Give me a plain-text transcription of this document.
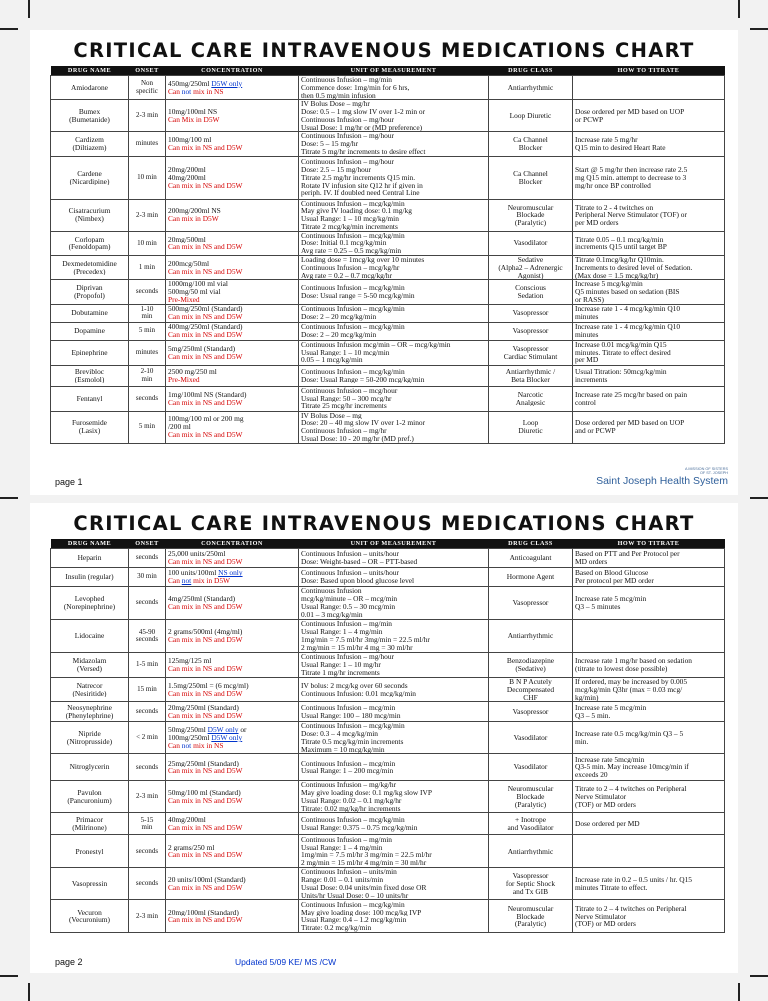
CRITICAL CARE INTRAVENOUS MEDICATIONS CHART
DRUG NAME	ONSET	CONCENTRATION	UNIT OF MEASUREMENT	DRUG CLASS	HOW TO TITRATE

Amiodarone	Non
specific	450mg/250ml D5W only
Can not mix in NS	Continuous Infusion – mg/min
Commence dose: 1mg/min for 6 hrs,
then 0.5 mg/min infusion	Antiarrhythmic	

Bumex
(Bumetanide)	2-3 min	10mg/100ml NS
Can Mix in D5W	IV Bolus Dose – mg/hr
Dose: 0.5 – 1 mg slow IV over 1-2 min or
Continuous Infusion – mg/hour
Usual Dose: 1 mg/hr or (MD preference)	Loop Diuretic	Dose ordered per MD based on UOP
or PCWP

Cardizem
(Diltiazem)	minutes	100mg/100 ml
Can mix in NS and D5W	Continuous Infusion – mg/hour
Dose: 5 – 15 mg/hr
Titrate 5 mg/hr increments to desire effect	Ca Channel
Blocker	Increase rate 5 mg/hr
Q15 min to desired Heart Rate

Cardene
(Nicardipine)	10 min	20mg/200ml
40mg/200ml
Can mix in NS and D5W	Continuous Infusion – mg/hour
Dose: 2.5 – 15 mg/hour
Titrate 2.5 mg/hr increments Q15 min.
Rotate IV infusion site Q12 hr if given in
periph. IV. If doubled need Central Line	Ca Channel
Blocker	Start @ 5 mg/hr then increase rate 2.5
mg Q15 min. attempt to decrease to 3
mg/hr once BP controlled

Cisatracurium
(Nimbex)	2-3 min	200mg/200ml NS
Can mix in D5W	Continuous Infusion – mcg/kg/min
May give IV loading dose: 0.1 mg/kg
Usual Range: 1 – 10 mcg/kg/min
Titrate 2 mcg/kg/min increments	Neuromuscular
Blockade
(Paralytic)	Titrate to 2 - 4 twitches on
Peripheral Nerve Stimulator (TOF) or
per MD orders

Corlopam
(Fenoldopam)	10 min	20mg/500ml
Can mix in NS and D5W	Continuous Infusion – mcg/kg/min
Dose: Initial 0.1 mcg/kg/min
Avg rate = 0.25 – 0.5 mcg/kg/min	Vasodilator	Titrate 0.05 – 0.1 mcg/kg/min
increments Q15 until target BP

Dexmedetomidine
(Precedex)	1 min	200mcg/50ml
Can mix in NS and D5W	Loading dose = 1mcg/kg over 10 minutes
Continuous Infusion – mcg/kg/hr
Avg rate = 0.2 – 0.7 mcg/kg/hr	Sedative
(Alpha2 – Adrenergic
Agonist)	Titrate 0.1mcg/kg/hr Q10min.
Increments to desired level of Sedation.
(Max dose = 1.5 mcg/kg/hr)

Diprivan
(Propofol)	seconds	1000mg/100 ml vial
500mg/50 ml vial
Pre-Mixed	Continuous Infusion – mcg/kg/min
Dose: Usual range = 5-50 mcg/kg/min	Conscious
Sedation	Increase 5 mcg/kg/min
Q5 minutes based on sedation (BIS
or RASS)

Dobutamine	1-10
min	500mg/250ml (Standard)
Can mix in NS and D5W	Continuous Infusion – mcg/kg/min
Dose: 2 – 20 mcg/kg/min	Vasopressor	Increase rate 1 - 4 mcg/kg/min Q10
minutes

Dopamine	5 min	400mg/250ml (Standard)
Can mix in NS and D5W	Continuous Infusion – mcg/kg/min
Dose: 2 – 20 mcg/kg/min	Vasopressor	Increase rate 1 - 4 mcg/kg/min Q10
minutes

Epinephrine	minutes	5mg/250ml (Standard)
Can mix in NS and D5W	Continuous Infusion mcg/min – OR – mcg/kg/min
Usual Range: 1 – 10 mcg/min
0.05 – 1 mcg/kg/min	Vasopressor
Cardiac Stimulant	Increase 0.01 mcg/kg/min Q15
minutes. Titrate to effect desired
per MD

Brevibloc
(Esmolol)	2-10
min	2500 mg/250 ml
Pre-Mixed	Continuous Infusion – mcg/kg/min
Dose: Usual Range = 50-200 mcg/kg/min	Antiarrhythmic /
Beta Blocker	Usual Titration: 50mcg/kg/min
increments

Fentanyl	seconds	1mg/100ml NS (Standard)
Can mix in NS and D5W	Continuous Infusion – mcg/hour
Usual Range: 50 – 300 mcg/hr
Titrate 25 mcg/hr increments	Narcotic
Analgesic	Increase rate 25 mcg/hr based on pain
control

Furosemide
(Lasix)	5 min	100mg/100 ml or 200 mg
/200 ml
Can mix in NS and D5W	IV Bolus Dose – mg
Dose: 20 – 40 mg slow IV over 1-2 minor
Continuous Infusion – mg/hr
Usual Dose: 10 - 20 mg/hr (MD pref.)	Loop
Diuretic	Dose ordered per MD based on UOP
and or PCWP
page 1
A MISSION OF SISTERS
OF ST. JOSEPH
Saint Joseph Health System
CRITICAL CARE INTRAVENOUS MEDICATIONS CHART
DRUG NAME	ONSET	CONCENTRATION	UNIT OF MEASUREMENT	DRUG CLASS	HOW TO TITRATE

Heparin	seconds	25,000 units/250ml
Can mix in NS and D5W	Continuous Infusion – units/hour
Dose: Weight-based – OR – PTT-based	Anticoagulant	Based on PTT and Per Protocol per
MD orders

Insulin (regular)	30 min	100 units/100ml NS only
Can not mix in D5W	Continuous Infusion – units/hour
Dose: Based upon blood glucose level	Hormone Agent	Based on Blood Glucose
Per protocol per MD order

Levophed
(Norepinephrine)	seconds	4mg/250ml (Standard)
Can mix in NS and D5W	Continuous Infusion
mcg/kg/minute – OR – mcg/min
Usual Range: 0.5 – 30 mcg/min
0.01 – 3 mcg/kg/min	Vasopressor	Increase rate 5 mcg/min
Q3 – 5 minutes

Lidocaine	45-90
seconds	2 grams/500ml (4mg/ml)
Can mix in NS and D5W	Continuous Infusion – mg/min
Usual Range: 1 – 4 mg/min
1mg/min = 7.5 ml/hr 3mg/min = 22.5 ml/hr
2 mg/min = 15 ml/hr 4 mg = 30 ml/hr	Antiarrhythmic	

Midazolam
(Versed)	1-5 min	125mg/125 ml
Can mix in NS and D5W	Continuous Infusion – mg/hour
Usual Range: 1 – 10 mg/hr
Titrate 1 mg/hr increments	Benzodiazepine
(Sedative)	Increase rate 1 mg/hr based on sedation
(titrate to lowest dose possible)

Natrecor
(Nesiritide)	15 min	1.5mg/250ml = (6 mcg/ml)
Can mix in NS and D5W	IV bolus: 2 mcg/kg over 60 seconds
Continuous Infusion: 0.01 mcg/kg/min	B N P Acutely
Decompensated
CHF	If ordered, may be increased by 0.005
mcg/kg/min Q3hr (max = 0.03 mcg/
kg/min)

Neosynephrine
(Phenylephrine)	seconds	20mg/250ml (Standard)
Can mix in NS and D5W	Continuous Infusion – mcg/min
Usual Range: 100 – 180 mcg/min	Vasopressor	Increase rate 5 mcg/min
Q3 – 5 min.

Nipride
(Nitroprusside)	< 2 min	50mg/250ml D5W only or
100mg/250ml D5W only
Can not mix in NS	Continuous Infusion – mcg/kg/min
Dose: 0.3 – 4 mcg/kg/min
Titrate 0.5 mcg/kg/min increments
Maximum = 10 mcg/kg/min	Vasodilator	Increase rate 0.5 mcg/kg/min Q3 – 5
min.

Nitroglycerin	seconds	25mg/250ml (Standard)
Can mix in NS and D5W	Continuous Infusion – mcg/min
Usual Range: 1 – 200 mcg/min	Vasodilator	Increase rate 5mcg/min
Q3-5 min. May increase 10mcg/min if
exceeds 20

Pavulon
(Pancuronium)	2-3 min	50mg/100 ml (Standard)
Can mix in NS and D5W	Continuous Infusion – mg/kg/hr
May give loading dose: 0.1 mg/kg slow IVP
Usual Range: 0.02 – 0.1 mg/kg/hr
Titrate: 0.02 mg/kg/hr increments	Neuromuscular
Blockade
(Paralytic)	Titrate to 2 – 4 twitches on Peripheral
Nerve Stimulator
(TOF) or MD orders

Primacor
(Milrinone)	5-15
min	40mg/200ml
Can mix in NS and D5W	Continuous Infusion – mcg/kg/min
Usual Range: 0.375 – 0.75 mcg/kg/min	+ Inotrope
and Vasodilator	Dose ordered per MD

Pronestyl	seconds	2 grams/250 ml
Can mix in NS and D5W	Continuous Infusion – mg/min
Usual Range: 1 – 4 mg/min
1mg/min = 7.5 ml/hr 3 mg/min = 22.5 ml/hr
2 mg/min = 15 ml/hr 4 mg/min = 30 ml/hr	Antiarrhythmic	

Vasopressin	seconds	20 units/100ml (Standard)
Can mix in NS and D5W	Continuous Infusion – units/min
Range: 0.01 – 0.1 units/min
Usual Dose: 0.04 units/min fixed dose OR
Units/hr Usual Dose: 0 – 10 units/hr	Vasopressor
for Septic Shock
and Tx GIB	Increase rate in 0.2 – 0.5 units / hr. Q15
minutes Titrate to effect.

Vecuron
(Vecuronium)	2-3 min	20mg/100ml (Standard)
Can mix in NS and D5W	Continuous Infusion – mcg/kg/min
May give loading dose: 100 mcg/kg IVP
Usual Range: 0.4 – 1.2 mcg/kg/min
Titrate: 0.2 mcg/kg/min	Neuromuscular
Blockade
(Paralytic)	Titrate to 2 – 4 twitches on Peripheral
Nerve Stimulator
(TOF) or MD orders
page 2	Updated 5/09 KE/ MS /CW
